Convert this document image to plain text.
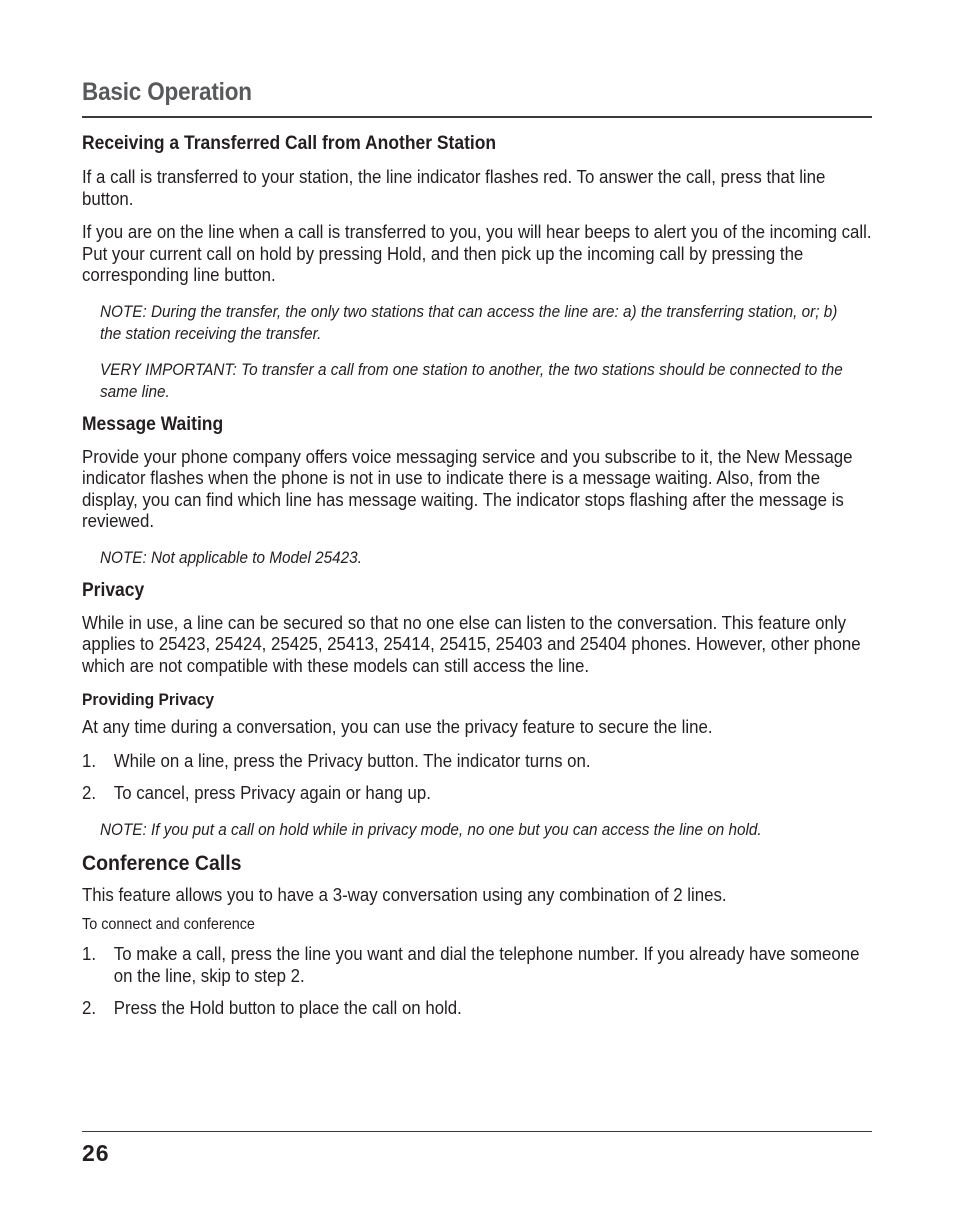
Basic Operation
Receiving a Transferred Call from Another Station

If a call is transferred to your station, the line indicator flashes red. To answer the call, press that line button.

If you are on the line when a call is transferred to you, you will hear beeps to alert you of the incoming call. Put your current call on hold by pressing Hold, and then pick up the incoming call by pressing the corresponding line button.

NOTE: During the transfer, the only two stations that can access the line are: a) the transferring station, or; b) the station receiving the transfer.

VERY IMPORTANT: To transfer a call from one station to another, the two stations should be connected to the same line.

Message Waiting

Provide your phone company offers voice messaging service and you subscribe to it, the New Message indicator flashes when the phone is not in use to indicate there is a message waiting. Also, from the display, you can find which line has message waiting. The indicator stops flashing after the message is reviewed.

NOTE: Not applicable to Model 25423.

Privacy

While in use, a line can be secured so that no one else can listen to the conversation. This feature only applies to 25423, 25424, 25425, 25413, 25414, 25415, 25403 and 25404 phones. However, other phone which are not compatible with these models can still access the line.

Providing Privacy

At any time during a conversation, you can use the privacy feature to secure the line.

1. While on a line, press the Privacy button. The indicator turns on.
2. To cancel, press Privacy again or hang up.

NOTE: If you put a call on hold while in privacy mode, no one but you can access the line on hold.

Conference Calls

This feature allows you to have a 3-way conversation using any combination of 2 lines.

To connect and conference
1. To make a call, press the line you want and dial the telephone number. If you already have someone on the line, skip to step 2.
2. Press the Hold button to place the call on hold.
26
